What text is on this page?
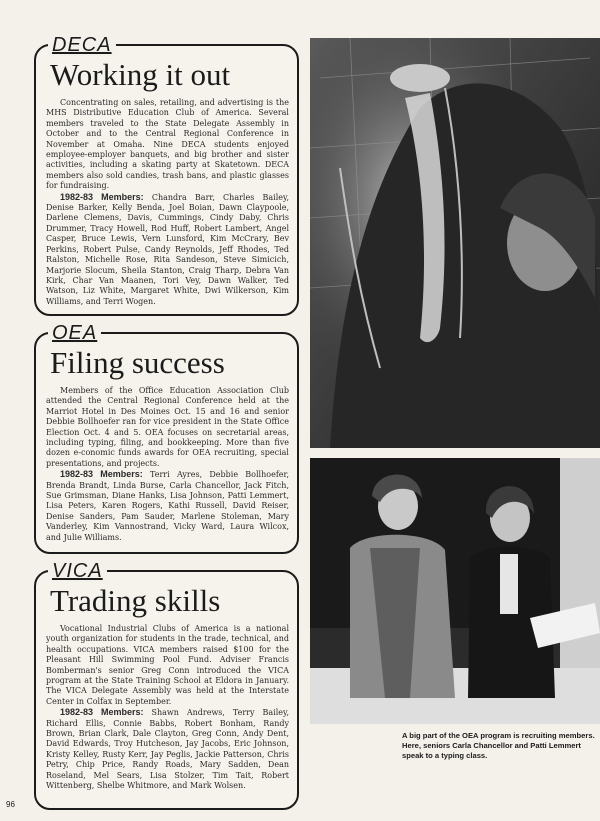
DECA
Working it out

Concentrating on sales, retailing, and advertising is the MHS Distributive Education Club of America. Several members traveled to the State Delegate Assembly in October and to the Central Regional Conference in November at Omaha. Nine DECA students enjoyed employee-employer banquets, and big brother and sister activities, including a skating party at Skatetown. DECA members also sold candies, trash bans, and plastic glasses for fundraising.
1982-83 Members: Chandra Barr, Charles Bailey, Denise Barker, Kelly Benda, Joel Boian, Dawn Claypoole, Darlene Clemens, Davis, Cummings, Cindy Daby, Chris Drummer, Tracy Howell, Rod Huff, Robert Lambert, Angel Casper, Bruce Lewis, Vern Lunsford, Kim McCrary, Bev Perkins, Robert Pulse, Candy Reynolds, Jeff Rhodes, Ted Ralston, Michelle Rose, Rita Sandeson, Steve Simicich, Marjorie Slocum, Sheila Stanton, Craig Tharp, Debra Van Kirk, Char Van Maanen, Tori Vey, Dawn Walker, Ted Watson, Liz White, Margaret White, Dwi Wilkerson, Kim Williams, and Terri Wogen.

OEA
Filing success

Members of the Office Education Association Club attended the Central Regional Conference held at the Marriot Hotel in Des Moines Oct. 15 and 16 and senior Debbie Bollhoefer ran for vice president in the State Office Election Oct. 4 and 5. OEA focuses on secretarial areas, including typing, filing, and bookkeeping. More than five dozen e-conomic funds awards for OEA recruiting, special presentations, and projects.
1982-83 Members: Terri Ayres, Debbie Bollhoefer, Brenda Brandt, Linda Burse, Carla Chancellor, Jack Fitch, Sue Grimsman, Diane Hanks, Lisa Johnson, Patti Lemmert, Lisa Peters, Karen Rogers, Kathi Russell, David Reiser, Denise Sanders, Pam Sauder, Marlene Stoleman, Mary Vanderley, Kim Vannostrand, Vicky Ward, Laura Wilcox, and Julie Williams.

VICA
Trading skills

Vocational Industrial Clubs of America is a national youth organization for students in the trade, technical, and health occupations. VICA members raised $100 for the Pleasant Hill Swimming Pool Fund. Adviser Francis Bomberman's senior Greg Conn introduced the VICA program at the State Training School at Eldora in January. The VICA Delegate Assembly was held at the Interstate Center in Colfax in September.
1982-83 Members: Shawn Andrews, Terry Bailey, Richard Ellis, Connie Babbs, Robert Bonham, Randy Brown, Brian Clark, Dale Clayton, Greg Conn, Andy Dent, David Edwards, Troy Hutcheson, Jay Jacobs, Eric Johnson, Kristy Kelley, Rusty Kerr, Jay Peglis, Jackie Patterson, Chris Petry, Chip Price, Randy Roads, Mary Sadden, Dean Roseland, Mel Sears, Lisa Stolzer, Tim Tait, Robert Wittenberg, Shelbe Whitmore, and Mark Wolsen.

A big part of the OEA program is recruiting members. Here, seniors Carla Chancellor and Patti Lemmert speak to a typing class.

96
